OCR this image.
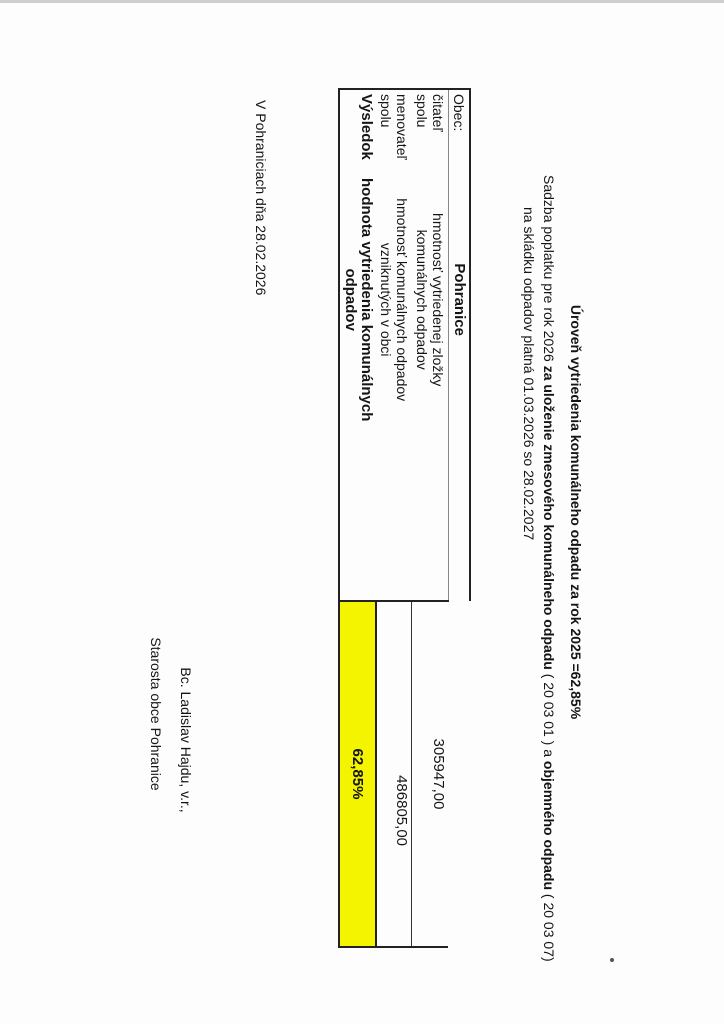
Úroveň vytriedenia komunálneho odpadu za rok 2025 =62,85%
Sadzba poplatku pre rok 2026 za uloženie zmesového komunálneho odpadu ( 20 03 01 ) a objemného odpadu ( 20 03 07) na skládku odpadov platná 01.03.2026 so 28.02.2027
Obec:	Pohranice		
čitateľ spolu	hmotnosť vytriedenej zložky komunálnych odpadov		305947,00
menovateľ spolu	hmotnosť komunálnych odpadov vzniknutých v obci		486805,00
Výsledok	hodnota vytriedenia komunálnych odpadov		62,85%
V Pohraniciach dňa 28.02.2026
Bc. Ladislav Hajdu, v.r.,
Starosta obce Pohranice
